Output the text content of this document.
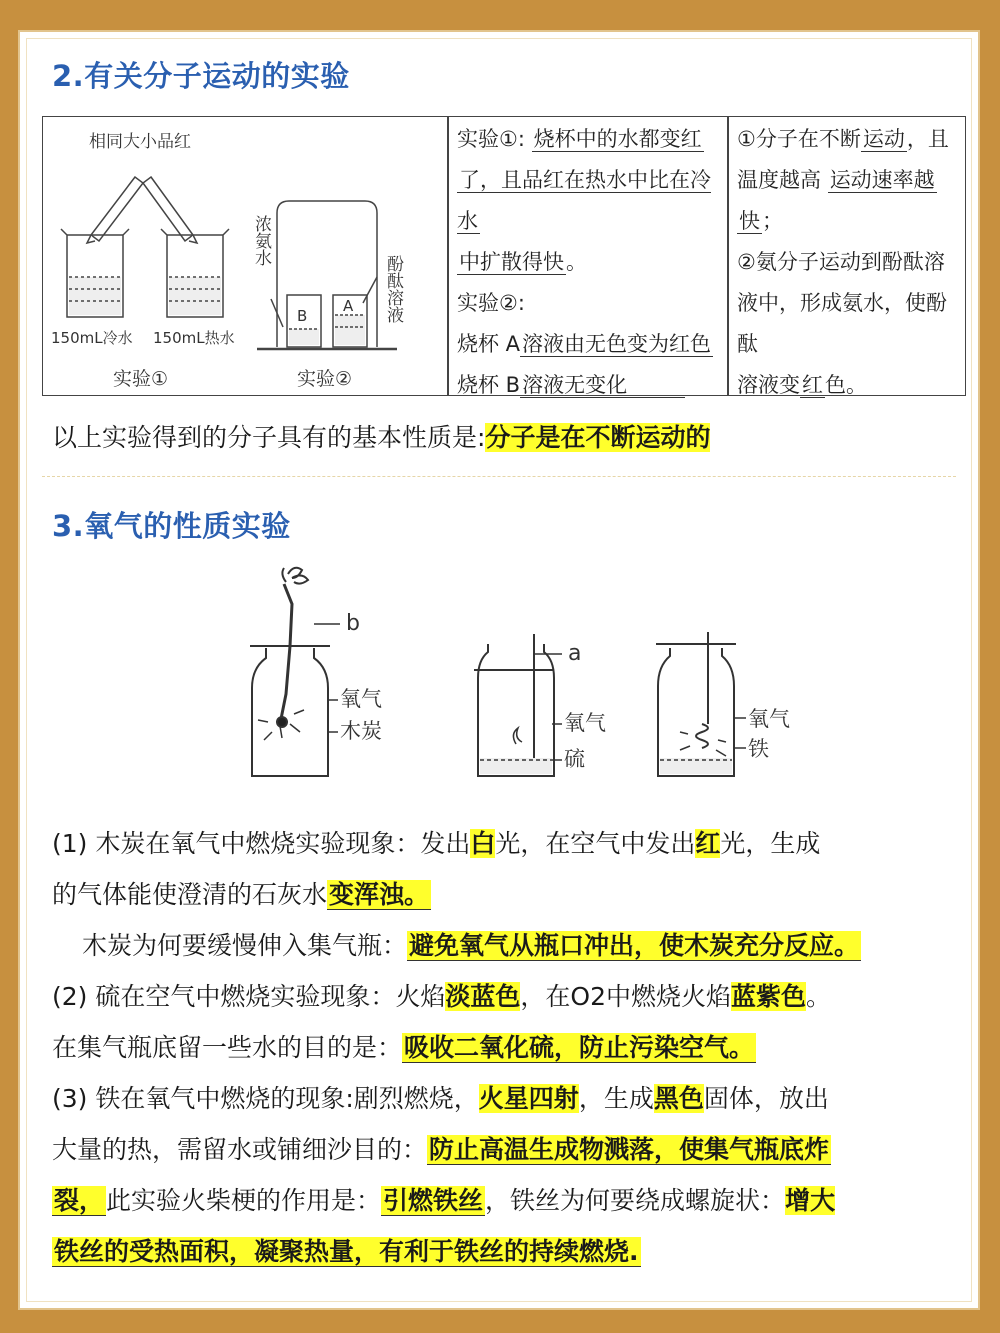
2.有关分子运动的实验
相同大小品红
150mL冷水 150mL热水
实验①
浓氨水
B
A 酚酞溶液
实验②
实验①: 烧杯中的水都变红
了，且品红在热水中比在冷水
中扩散得快。
实验②:
烧杯 A溶液由无色变为红色
烧杯 B溶液无变化
①分子在不断运动，且
温度越高 运动速率越
快；
②氨分子运动到酚酞溶
液中，形成氨水，使酚酞
溶液变红色。
以上实验得到的分子具有的基本性质是:分子是在不断运动的
3.氧气的性质实验
b
氧气
木炭
a
氧气
硫
氧气
铁
(1) 木炭在氧气中燃烧实验现象：发出白光，在空气中发出红光，生成
的气体能使澄清的石灰水变浑浊。
木炭为何要缓慢伸入集气瓶：避免氧气从瓶口冲出，使木炭充分反应。
(2) 硫在空气中燃烧实验现象：火焰淡蓝色，在O2中燃烧火焰蓝紫色。
在集气瓶底留一些水的目的是：吸收二氧化硫，防止污染空气。
(3) 铁在氧气中燃烧的现象:剧烈燃烧，火星四射，生成黑色固体，放出
大量的热，需留水或铺细沙目的：防止高温生成物溅落，使集气瓶底炸
裂，此实验火柴梗的作用是：引燃铁丝，铁丝为何要绕成螺旋状：增大
铁丝的受热面积，凝聚热量，有利于铁丝的持续燃烧.
